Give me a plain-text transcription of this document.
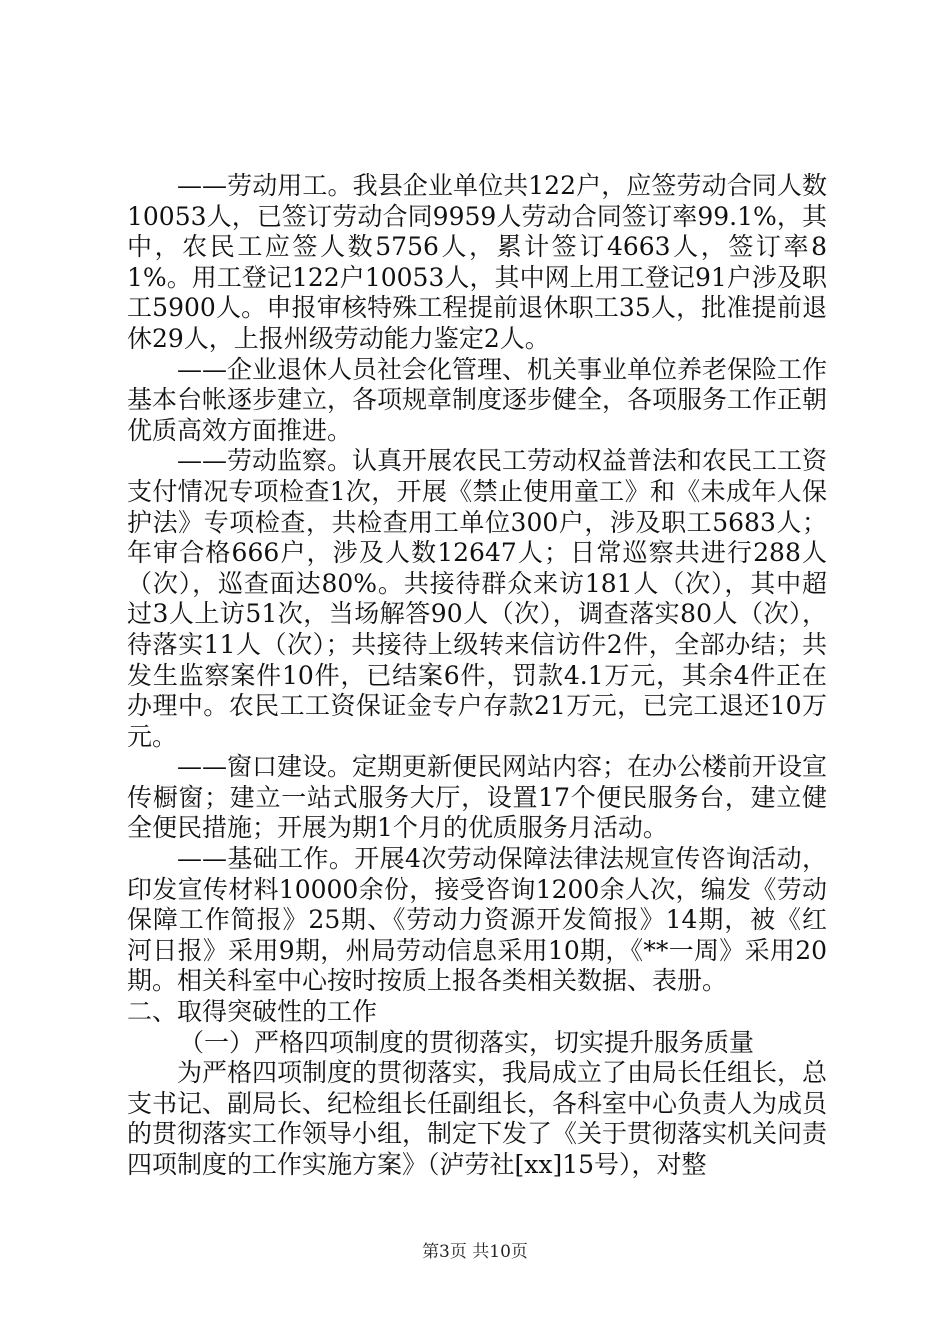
——劳动用工。我县企业单位共122户，应签劳动合同人数10053人，已签订劳动合同9959人劳动合同签订率99.1%，其中，农民工应签人数5756人，累计签订4663人，签订率81%。用工登记122户10053人，其中网上用工登记91户涉及职工5900人。申报审核特殊工程提前退休职工35人，批准提前退休29人，上报州级劳动能力鉴定2人。

——企业退休人员社会化管理、机关事业单位养老保险工作基本台帐逐步建立，各项规章制度逐步健全，各项服务工作正朝优质高效方面推进。

——劳动监察。认真开展农民工劳动权益普法和农民工工资支付情况专项检查1次，开展《禁止使用童工》和《未成年人保护法》专项检查，共检查用工单位300户，涉及职工5683人；年审合格666户，涉及人数12647人；日常巡察共进行288人（次），巡查面达80%。共接待群众来访181人（次），其中超过3人上访51次，当场解答90人（次），调查落实80人（次），待落实11人（次）；共接待上级转来信访件2件，全部办结；共发生监察案件10件，已结案6件，罚款4.1万元，其余4件正在办理中。农民工工资保证金专户存款21万元，已完工退还10万元。

——窗口建设。定期更新便民网站内容；在办公楼前开设宣传橱窗；建立一站式服务大厅，设置17个便民服务台，建立健全便民措施；开展为期1个月的优质服务月活动。

——基础工作。开展4次劳动保障法律法规宣传咨询活动，印发宣传材料10000余份，接受咨询1200余人次，编发《劳动保障工作简报》25期、《劳动力资源开发简报》14期，被《红河日报》采用9期，州局劳动信息采用10期，《**一周》采用20期。相关科室中心按时按质上报各类相关数据、表册。

二、取得突破性的工作

（一）严格四项制度的贯彻落实，切实提升服务质量

为严格四项制度的贯彻落实，我局成立了由局长任组长，总支书记、副局长、纪检组长任副组长，各科室中心负责人为成员的贯彻落实工作领导小组，制定下发了《关于贯彻落实机关问责四项制度的工作实施方案》（泸劳社[xx]15号），对整

第3页 共10页
